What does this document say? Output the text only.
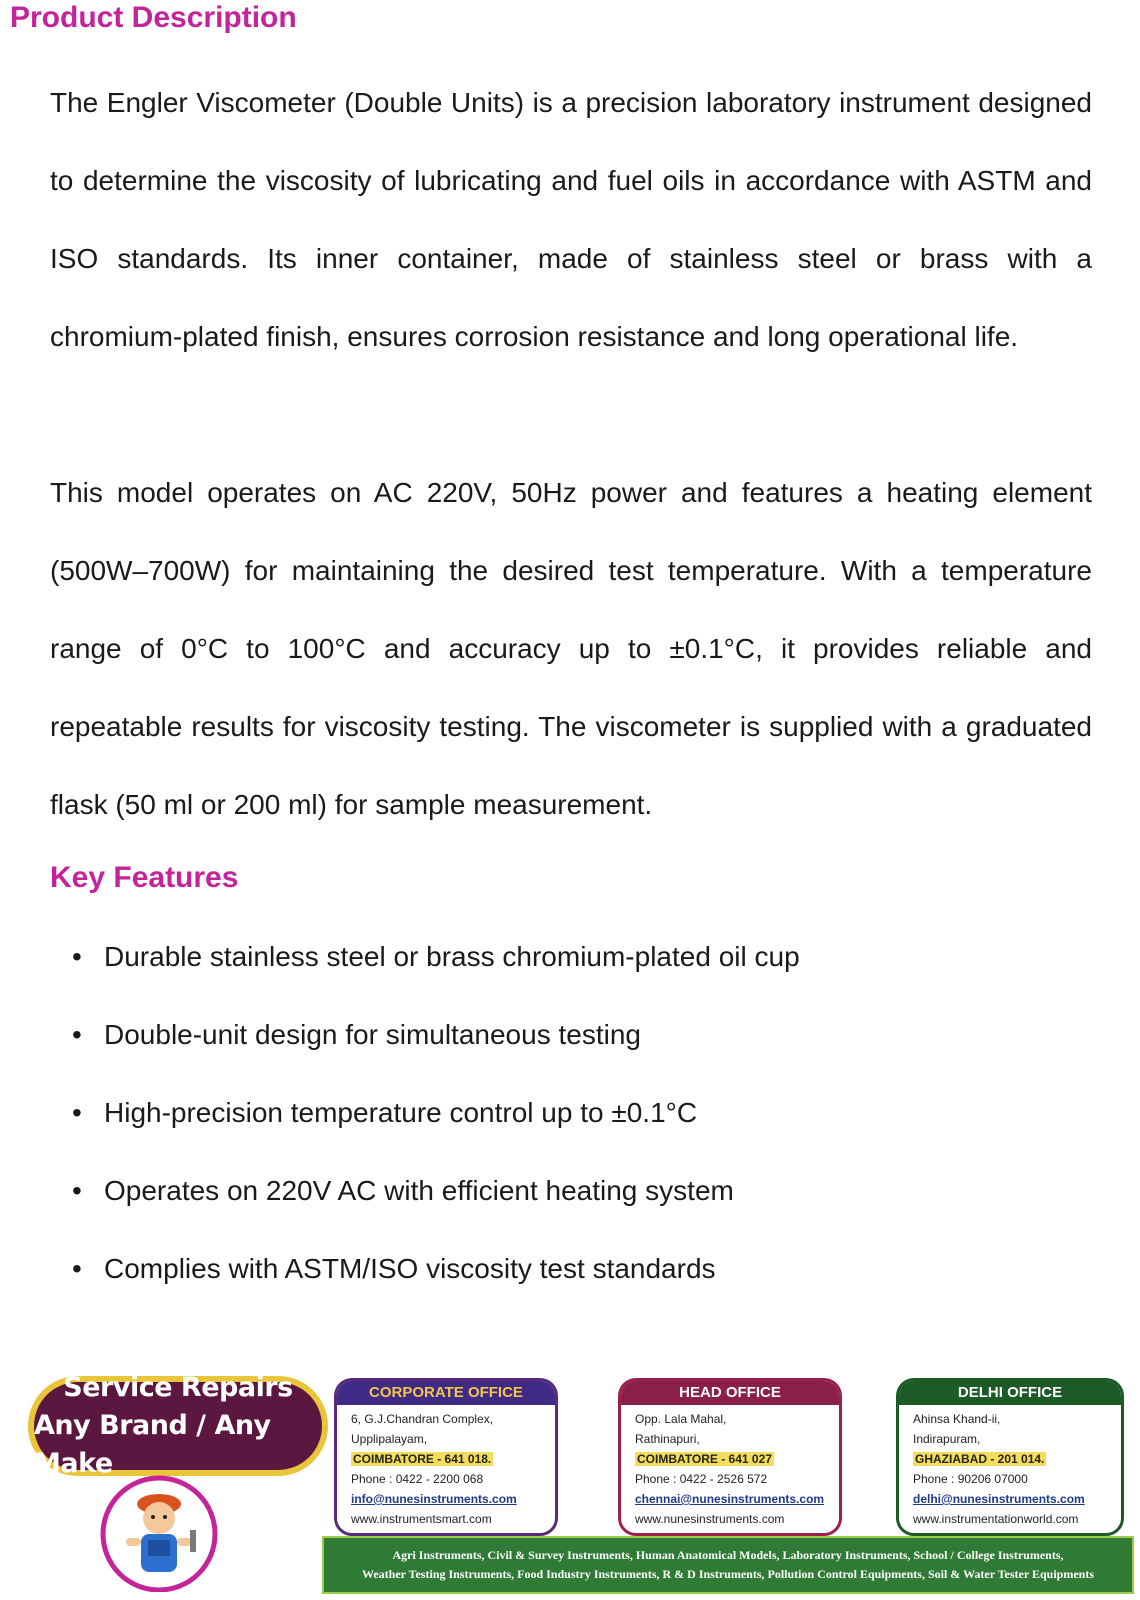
Product Description

The Engler Viscometer (Double Units) is a precision laboratory instrument designed to determine the viscosity of lubricating and fuel oils in accordance with ASTM and ISO standards. Its inner container, made of stainless steel or brass with a chromium-plated finish, ensures corrosion resistance and long operational life.

This model operates on AC 220V, 50Hz power and features a heating element (500W–700W) for maintaining the desired test temperature. With a temperature range of 0°C to 100°C and accuracy up to ±0.1°C, it provides reliable and repeatable results for viscosity testing. The viscometer is supplied with a graduated flask (50 ml or 200 ml) for sample measurement.

Key Features
• Durable stainless steel or brass chromium-plated oil cup
• Double-unit design for simultaneous testing
• High-precision temperature control up to ±0.1°C
• Operates on 220V AC with efficient heating system
• Complies with ASTM/ISO viscosity test standards
Service Repairs
Any Brand / Any Make
CORPORATE OFFICE
6, G.J.Chandran Complex,
Upplipalayam,
COIMBATORE - 641 018.
Phone : 0422 - 2200 068
info@nunesinstruments.com
www.instrumentsmart.com
HEAD OFFICE
Opp. Lala Mahal,
Rathinapuri,
COIMBATORE - 641 027
Phone : 0422 - 2526 572
chennai@nunesinstruments.com
www.nunesinstruments.com
DELHI OFFICE
Ahinsa Khand-ii,
Indirapuram,
GHAZIABAD - 201 014.
Phone : 90206 07000
delhi@nunesinstruments.com
www.instrumentationworld.com
Agri Instruments, Civil & Survey Instruments, Human Anatomical Models, Laboratory Instruments, School / College Instruments,
Weather Testing Instruments, Food Industry Instruments, R & D Instruments, Pollution Control Equipments, Soil & Water Tester Equipments
